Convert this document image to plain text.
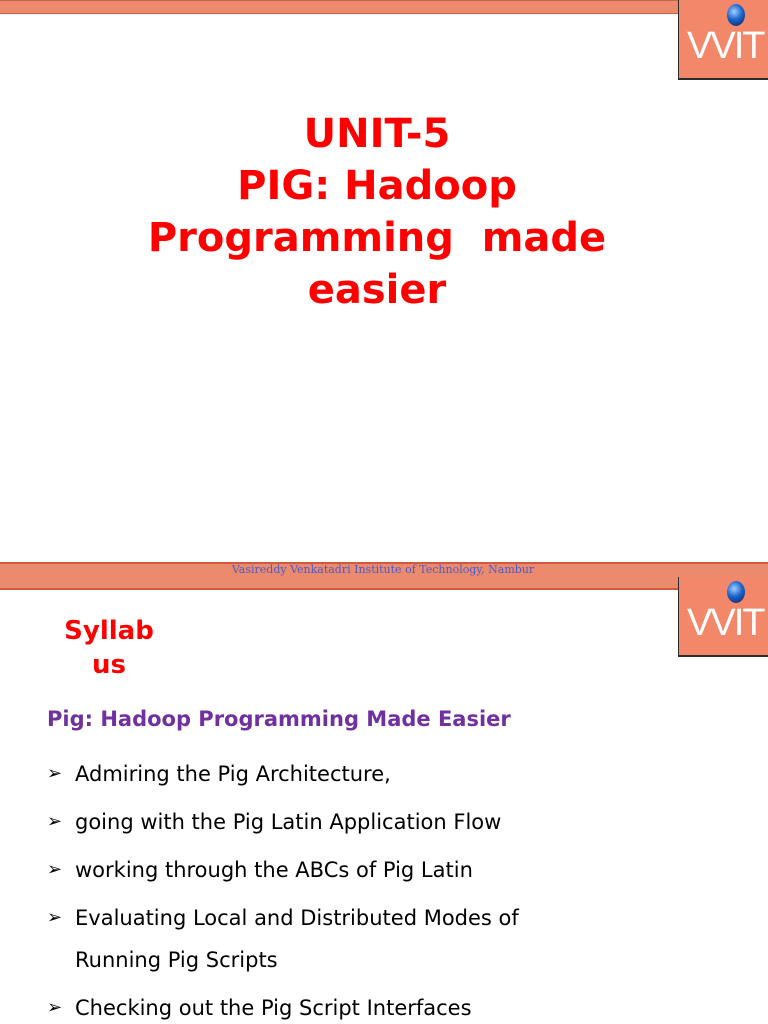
VVIT
UNIT-5
PIG: Hadoop
Programming  made
easier
Vasireddy Venkatadri Institute of Technology, Nambur
VVIT
Syllab
us
Pig: Hadoop Programming Made Easier
➢ Admiring the Pig Architecture,
➢ going with the Pig Latin Application Flow
➢ working through the ABCs of Pig Latin
➢ Evaluating Local and Distributed Modes of
Running Pig Scripts
➢ Checking out the Pig Script Interfaces
